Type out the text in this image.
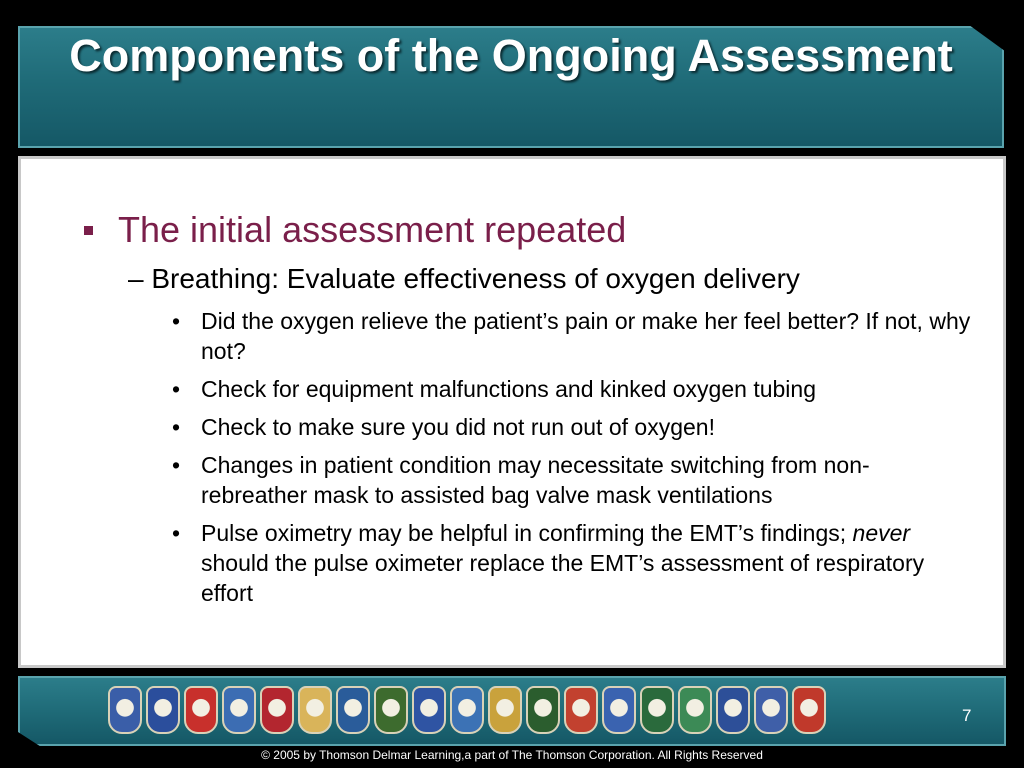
Components of the Ongoing Assessment
The initial assessment repeated
– Breathing: Evaluate effectiveness of oxygen delivery
• Did the oxygen relieve the patient’s pain or make her feel better? If not, why not?
• Check for equipment malfunctions and kinked oxygen tubing
• Check to make sure you did not run out of oxygen!
• Changes in patient condition may necessitate switching from non-rebreather mask to assisted bag valve mask ventilations
• Pulse oximetry may be helpful in confirming the EMT’s findings; never should the pulse oximeter replace the EMT’s assessment of respiratory effort
7
© 2005 by Thomson Delmar Learning,a part of The Thomson Corporation. All Rights Reserved
